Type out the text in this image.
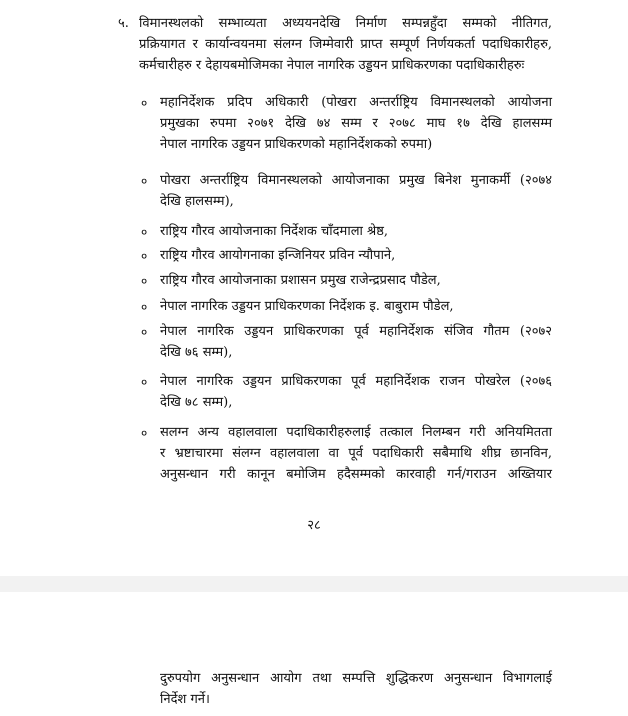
५. विमानस्थलको सम्भाव्यता अध्ययनदेखि निर्माण सम्पन्नहुँदा सम्मको नीतिगत,
प्रक्रियागत र कार्यान्वयनमा संलग्न जिम्मेवारी प्राप्त सम्पूर्ण निर्णयकर्ता पदाधिकारीहरु,
कर्मचारीहरु र देहायबमोजिमका नेपाल नागरिक उड्डयन प्राधिकरणका पदाधिकारीहरुः
० महानिर्देशक प्रदिप अधिकारी (पोखरा अन्तर्राष्ट्रिय विमानस्थलको आयोजना
प्रमुखका रुपमा २०७१ देखि ७४ सम्म र २०७८ माघ १७ देखि हालसम्म
नेपाल नागरिक उड्डयन प्राधिकरणको महानिर्देशकको रुपमा)
० पोखरा अन्तर्राष्ट्रिय विमानस्थलको आयोजनाका प्रमुख बिनेश मुनाकर्मी (२०७४
देखि हालसम्म),
० राष्ट्रिय गौरव आयोजनाका निर्देशक चाँदमाला श्रेष्ठ,
० राष्ट्रिय गौरव आयोगनाका इन्जिनियर प्रविन न्यौपाने,
० राष्ट्रिय गौरव आयोजनाका प्रशासन प्रमुख राजेन्द्रप्रसाद पौडेल,
० नेपाल नागरिक उड्डयन प्राधिकरणका निर्देशक इ. बाबुराम पौडेल,
० नेपाल नागरिक उड्डयन प्राधिकरणका पूर्व महानिर्देशक संजिव गौतम (२०७२
देखि ७६ सम्म),
० नेपाल नागरिक उड्डयन प्राधिकरणका पूर्व महानिर्देशक राजन पोखरेल (२०७६
देखि ७८ सम्म),
० सलग्न अन्य वहालवाला पदाधिकारीहरुलाई तत्काल निलम्बन गरी अनियमितता
र भ्रष्टाचारमा संलग्न वहालवाला वा पूर्व पदाधिकारी सबैमाथि शीघ्र छानविन,
अनुसन्धान गरी कानून बमोजिम हदैसम्मको कारवाही गर्न/गराउन अख्तियार
२८
दुरुपयोग अनुसन्धान आयोग तथा सम्पत्ति शुद्धिकरण अनुसन्धान विभागलाई
निर्देश गर्ने।
